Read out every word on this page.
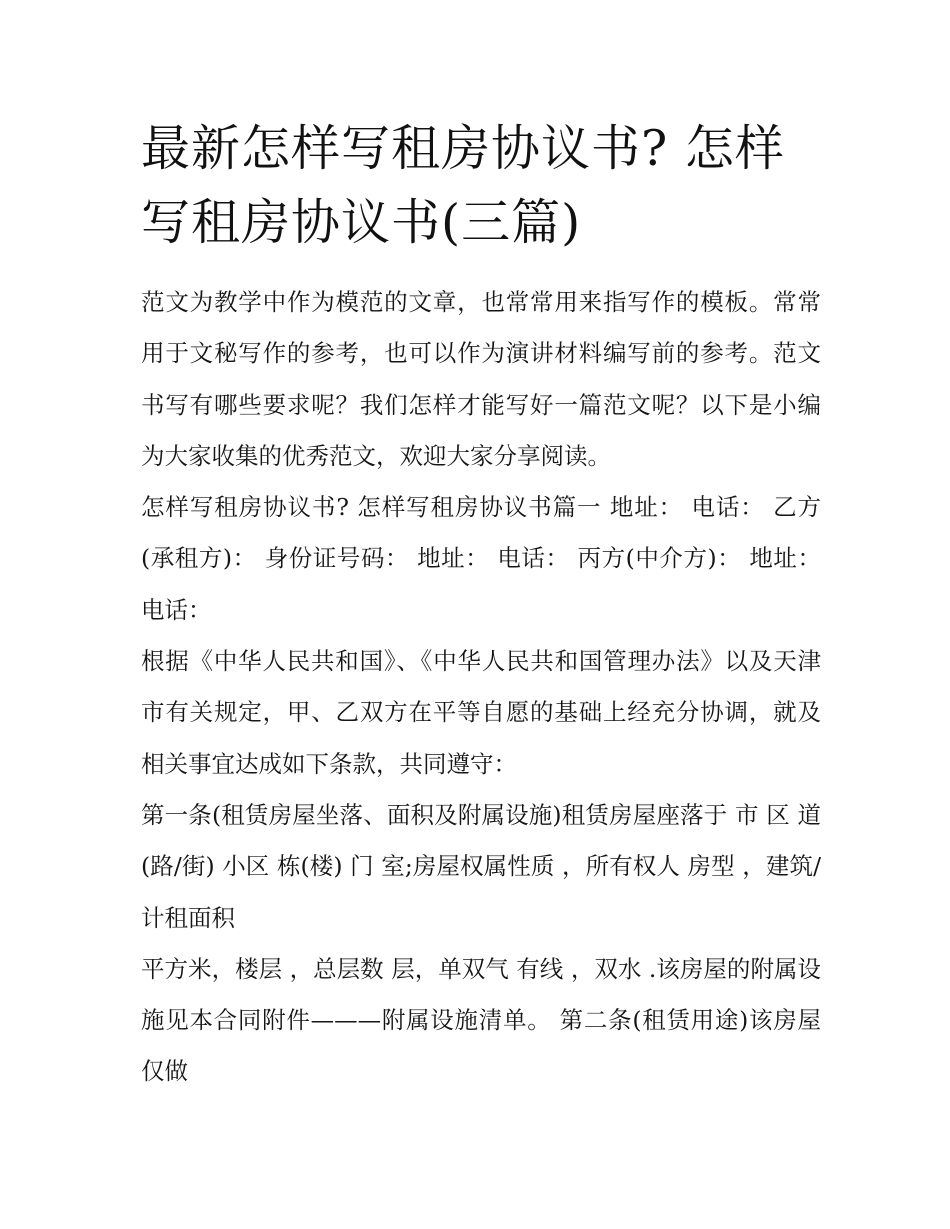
最新怎样写租房协议书? 怎样写租房协议书(三篇)

范文为教学中作为模范的文章，也常常用来指写作的模板。常常用于文秘写作的参考，也可以作为演讲材料编写前的参考。范文书写有哪些要求呢？我们怎样才能写好一篇范文呢？以下是小编为大家收集的优秀范文，欢迎大家分享阅读。

怎样写租房协议书? 怎样写租房协议书篇一 地址： 电话： 乙方(承租方)： 身份证号码： 地址： 电话： 丙方(中介方)： 地址： 电话：

根据《中华人民共和国》、《中华人民共和国管理办法》以及天津市有关规定，甲、乙双方在平等自愿的基础上经充分协调，就及相关事宜达成如下条款，共同遵守：

第一条(租赁房屋坐落、面积及附属设施)租赁房屋座落于 市 区 道(路/街) 小区 栋(楼) 门 室;房屋权属性质 ，所有权人 房型 ，建筑/计租面积

平方米，楼层 ，总层数 层，单双气 有线 ，双水 .该房屋的附属设施见本合同附件———附属设施清单。 第二条(租赁用途)该房屋仅做
